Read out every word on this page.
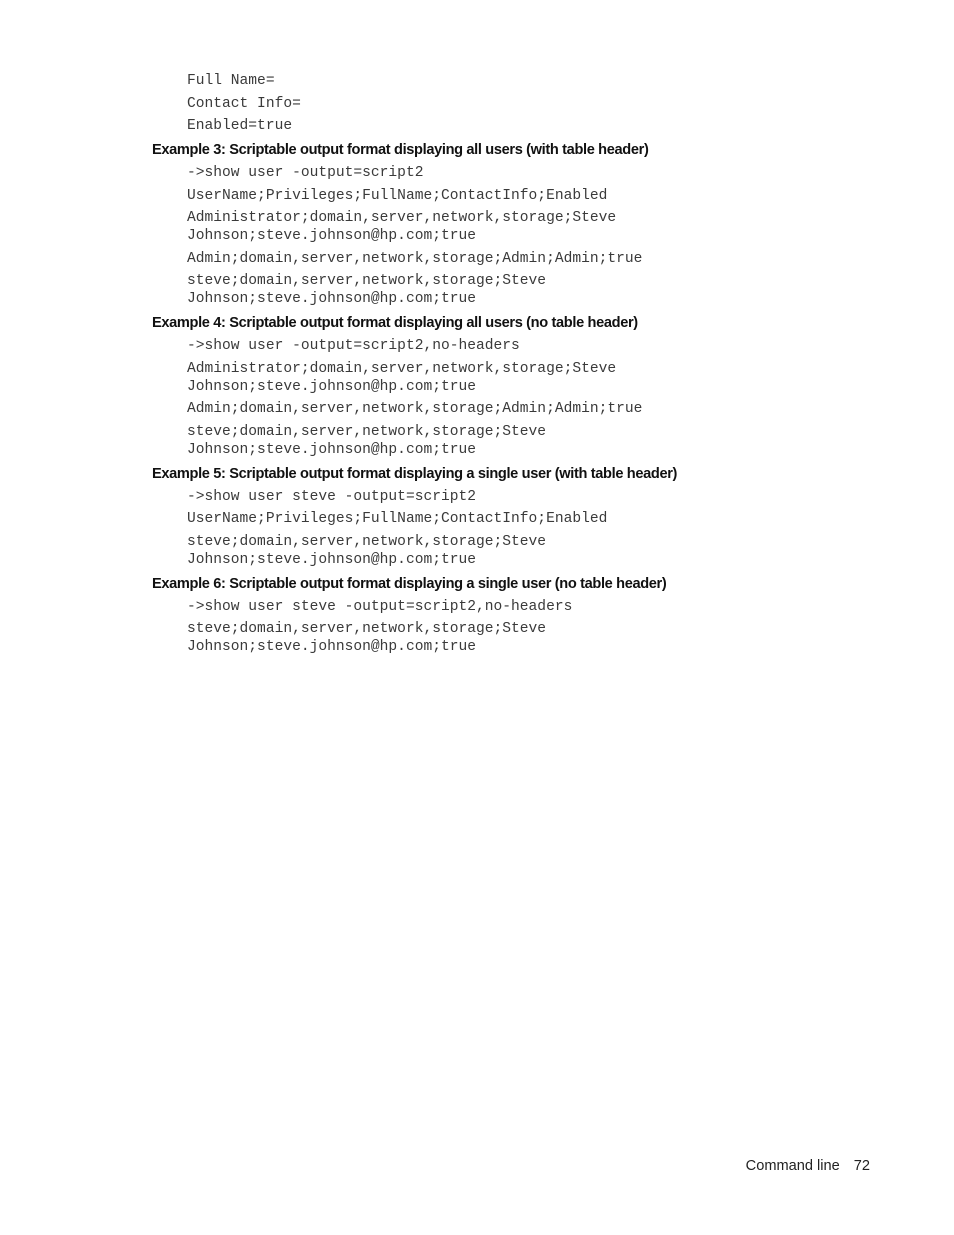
Full Name=
Contact Info=
Enabled=true
Example 3: Scriptable output format displaying all users (with table header)
->show user -output=script2
UserName;Privileges;FullName;ContactInfo;Enabled
Administrator;domain,server,network,storage;Steve Johnson;steve.johnson@hp.com;true
Admin;domain,server,network,storage;Admin;Admin;true
steve;domain,server,network,storage;Steve Johnson;steve.johnson@hp.com;true
Example 4: Scriptable output format displaying all users (no table header)
->show user -output=script2,no-headers
Administrator;domain,server,network,storage;Steve Johnson;steve.johnson@hp.com;true
Admin;domain,server,network,storage;Admin;Admin;true
steve;domain,server,network,storage;Steve Johnson;steve.johnson@hp.com;true
Example 5: Scriptable output format displaying a single user (with table header)
->show user steve -output=script2
UserName;Privileges;FullName;ContactInfo;Enabled
steve;domain,server,network,storage;Steve Johnson;steve.johnson@hp.com;true
Example 6: Scriptable output format displaying a single user (no table header)
->show user steve -output=script2,no-headers
steve;domain,server,network,storage;Steve Johnson;steve.johnson@hp.com;true
Command line 72
